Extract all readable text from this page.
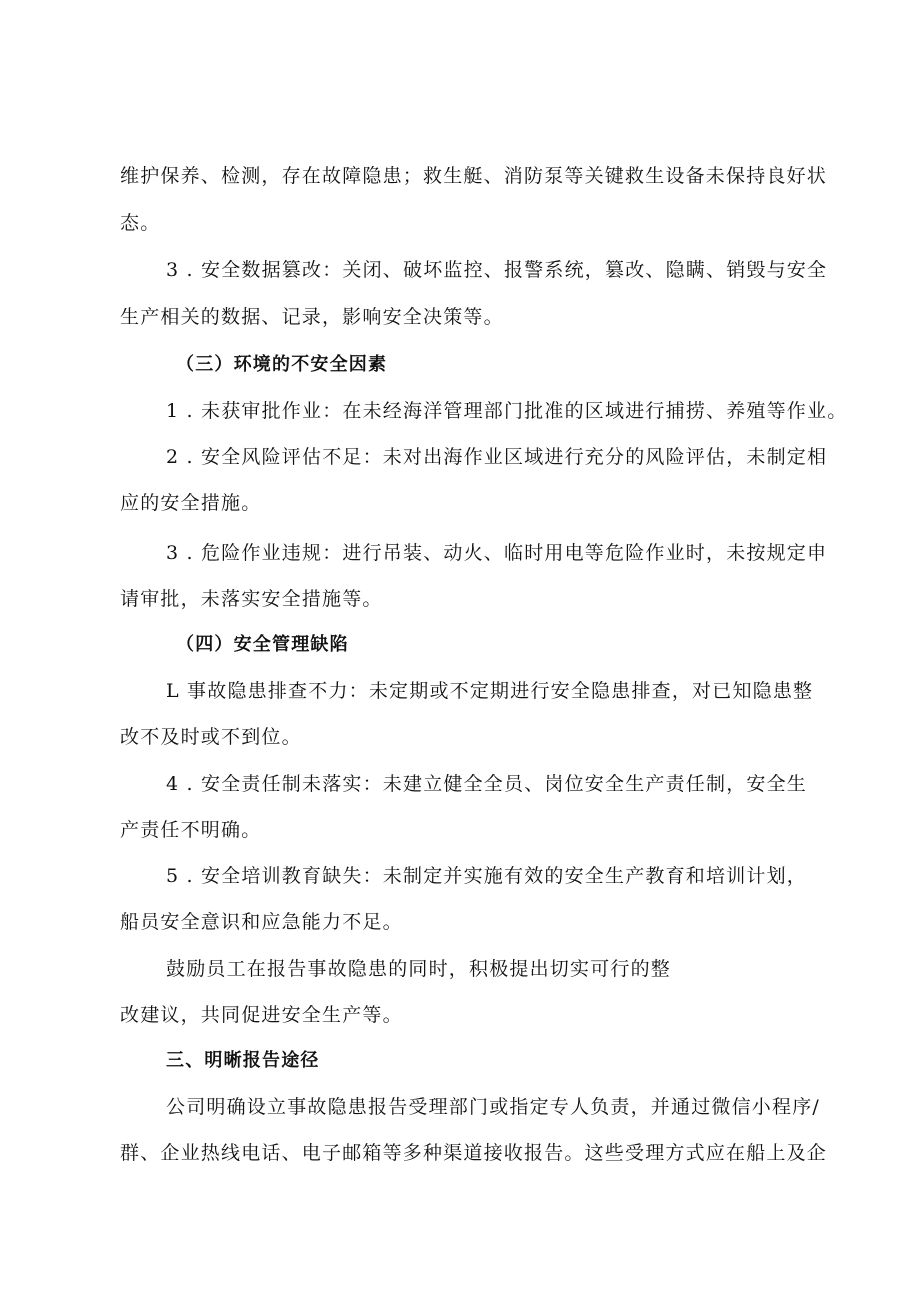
维护保养、检测，存在故障隐患；救生艇、消防泵等关键救生设备未保持良好状

态。

3 . 安全数据篡改：关闭、破坏监控、报警系统，篡改、隐瞒、销毁与安全

生产相关的数据、记录，影响安全决策等。

（三）环境的不安全因素

1 . 未获审批作业：在未经海洋管理部门批准的区域进行捕捞、养殖等作业。

2 . 安全风险评估不足：未对出海作业区域进行充分的风险评估，未制定相

应的安全措施。

3 . 危险作业违规：进行吊装、动火、临时用电等危险作业时，未按规定申

请审批，未落实安全措施等。

（四）安全管理缺陷

L 事故隐患排查不力：未定期或不定期进行安全隐患排查，对已知隐患整

改不及时或不到位。

4 . 安全责任制未落实：未建立健全全员、岗位安全生产责任制，安全生

产责任不明确。

5 . 安全培训教育缺失：未制定并实施有效的安全生产教育和培训计划，

船员安全意识和应急能力不足。

鼓励员工在报告事故隐患的同时，积极提出切实可行的整

改建议，共同促进安全生产等。

三、明晰报告途径

公司明确设立事故隐患报告受理部门或指定专人负责，并通过微信小程序/

群、企业热线电话、电子邮箱等多种渠道接收报告。这些受理方式应在船上及企
